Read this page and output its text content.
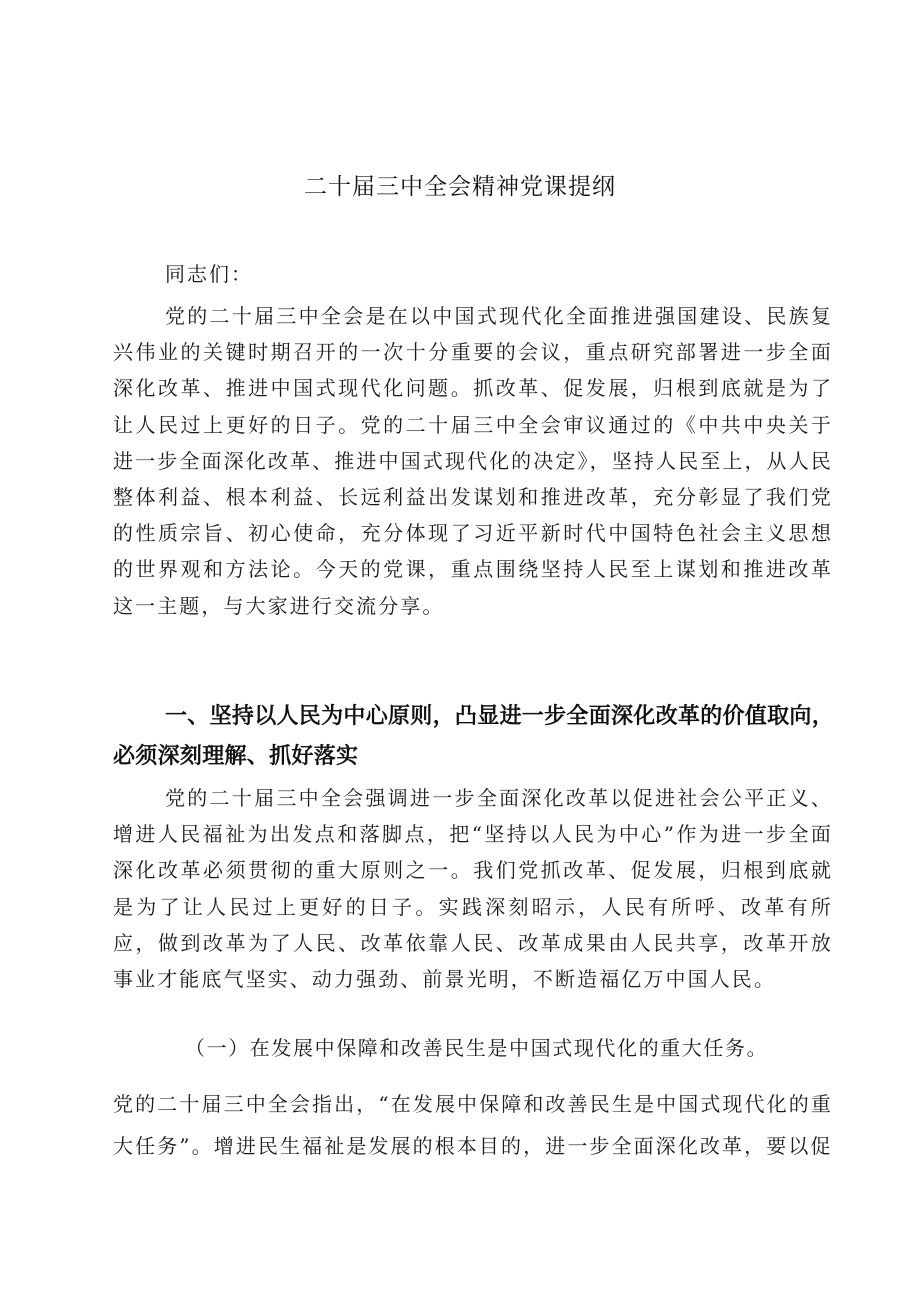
二十届三中全会精神党课提纲
同志们：

党的二十届三中全会是在以中国式现代化全面推进强国建设、民族复兴伟业的关键时期召开的一次十分重要的会议，重点研究部署进一步全面深化改革、推进中国式现代化问题。抓改革、促发展，归根到底就是为了让人民过上更好的日子。党的二十届三中全会审议通过的《中共中央关于进一步全面深化改革、推进中国式现代化的决定》，坚持人民至上，从人民整体利益、根本利益、长远利益出发谋划和推进改革，充分彰显了我们党的性质宗旨、初心使命，充分体现了习近平新时代中国特色社会主义思想的世界观和方法论。今天的党课，重点围绕坚持人民至上谋划和推进改革这一主题，与大家进行交流分享。

一、坚持以人民为中心原则，凸显进一步全面深化改革的价值取向，必须深刻理解、抓好落实

党的二十届三中全会强调进一步全面深化改革以促进社会公平正义、增进人民福祉为出发点和落脚点，把“坚持以人民为中心”作为进一步全面深化改革必须贯彻的重大原则之一。我们党抓改革、促发展，归根到底就是为了让人民过上更好的日子。实践深刻昭示，人民有所呼、改革有所应，做到改革为了人民、改革依靠人民、改革成果由人民共享，改革开放事业才能底气坚实、动力强劲、前景光明，不断造福亿万中国人民。

（一）在发展中保障和改善民生是中国式现代化的重大任务。

党的二十届三中全会指出，“在发展中保障和改善民生是中国式现代化的重大任务”。增进民生福祉是发展的根本目的，进一步全面深化改革，要以促
